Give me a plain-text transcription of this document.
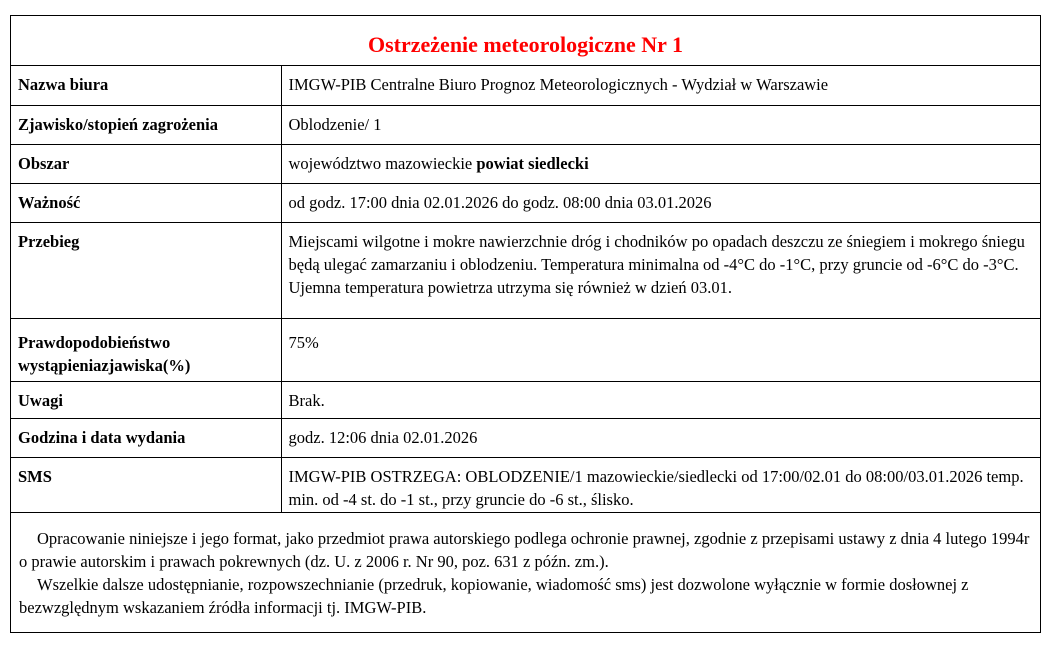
Ostrzeżenie meteorologiczne Nr 1
Nazwa biura	IMGW-PIB Centralne Biuro Prognoz Meteorologicznych - Wydział w Warszawie
Zjawisko/stopień zagrożenia	Oblodzenie/ 1
Obszar	województwo mazowieckie powiat siedlecki
Ważność	od godz. 17:00 dnia 02.01.2026 do godz. 08:00 dnia 03.01.2026
Przebieg	Miejscami wilgotne i mokre nawierzchnie dróg i chodników po opadach deszczu ze śniegiem i mokrego śniegu będą ulegać zamarzaniu i oblodzeniu. Temperatura minimalna od -4°C do -1°C, przy gruncie od -6°C do -3°C. Ujemna temperatura powietrza utrzyma się również w dzień 03.01.
Prawdopodobieństwo wystąpieniazjawiska(%)	75%
Uwagi	Brak.
Godzina i data wydania	godz. 12:06 dnia 02.01.2026
SMS	IMGW-PIB OSTRZEGA: OBLODZENIE/1 mazowieckie/siedlecki od 17:00/02.01 do 08:00/03.01.2026 temp. min. od -4 st. do -1 st., przy gruncie do -6 st., ślisko.

Opracowanie niniejsze i jego format, jako przedmiot prawa autorskiego podlega ochronie prawnej, zgodnie z przepisami ustawy z dnia 4 lutego 1994r o prawie autorskim i prawach pokrewnych (dz. U. z 2006 r. Nr 90, poz. 631 z późn. zm.).

Wszelkie dalsze udostępnianie, rozpowszechnianie (przedruk, kopiowanie, wiadomość sms) jest dozwolone wyłącznie w formie dosłownej z bezwzględnym wskazaniem źródła informacji tj. IMGW-PIB.
